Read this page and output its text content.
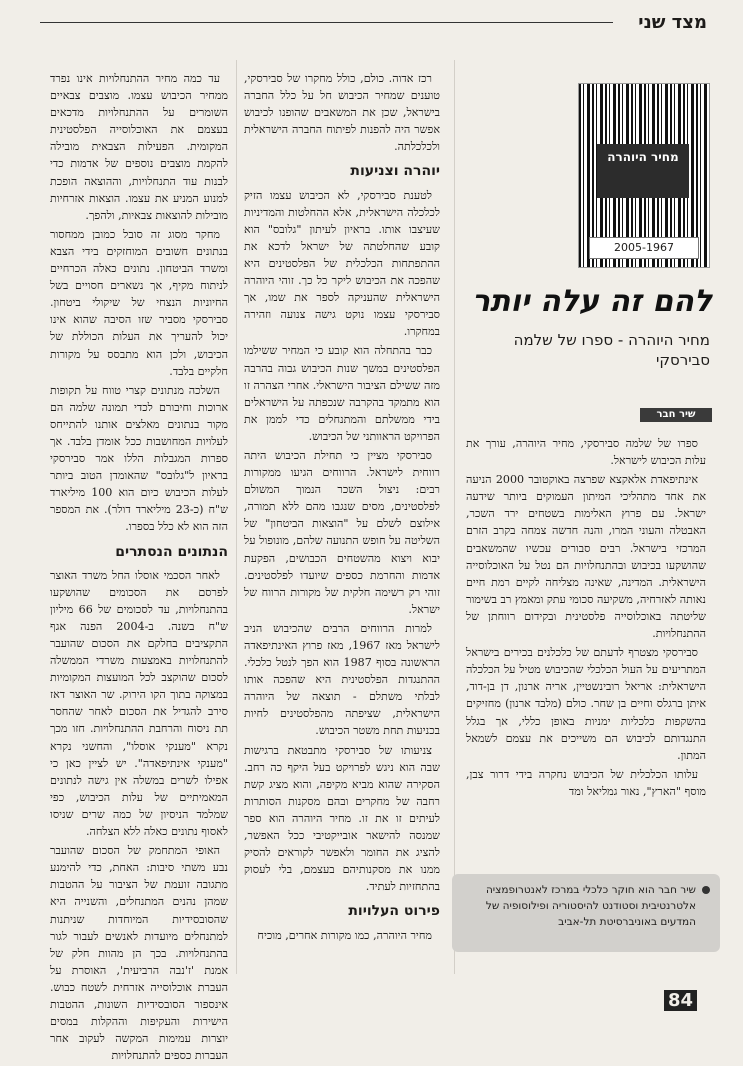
מצד שני
מחיר היוהרה
2005-1967
להם זה עלה יותר
מחיר היוהרה - ספרו של שלמה סבירסקי
שיר חבר

ספרו של שלמה סבירסקי, מחיר היוהרה, עורך את עלות הכיבוש לישראל.

אינתיפאדת אלאקצא שפרצה באוקטובר 2000 הניעה את אחד מתהליכי המיתון העמוקים ביותר שידעה ישראל. עם פרוץ האלימות בשטחים ירד השכר, האבטלה והעוני המרו, והנה חדשה צמחה בקרב הזרם המרכזי בישראל. רבים סבורים עכשיו שהמשאבים שהושקעו בכיבוש ובהתנחלויות הם נטל על האוכלוסייה הישראלית. המדינה, שאינה מצליחה לקיים רמת חיים נאותה לאזרחיה, משקיעה סכומי עתק ומאמץ רב בשימור שליטתה באוכלוסייה פלסטינית ובקידום רווחתן של ההתנחלויות.

סבירסקי מצטרף לדעתם של כלכלנים בכירים בישראל המתריעים על העול הכלכלי שהכיבוש מטיל על הכלכלה הישראלית: אריאל רובינשטיין, אריה ארנון, דן בן-דוד, איתן ברגלס וחיים בן שחר. כולם (מלבד ארנון) מחזיקים בהשקפות כלכליות ימניות באופן כללי, אך בגלל התנגדותם לכיבוש הם משייכים את עצמם לשמאל המתון.

עלותו הכלכלית של הכיבוש נחקרה בידי דרור צבן, מוסף "הארץ", נאור גמליאל ומד

שיר חבר הוא חוקר כלכלי במרכז לאנטרופמציה אלטרנטיבית וסטודנט להיסטוריה ופילוסופיה של המדעים באוניברסיטת תל-אביב

רכז אדוה. כולם, כולל מחקרו של סבירסקי, טוענים שמחיר הכיבוש חל על כלל החברה בישראל, שכן את המשאבים שהופנו לכיבוש אפשר היה להפנות לפיתוח החברה הישראלית ולכלכלתה.

יוהרה וצניעות

לטענת סבירסקי, לא הכיבוש עצמו הזיק לכלכלה הישראלית, אלא ההחלטות והמדיניות שעיצבו אותו. בראיון לעיתון "גלובס" הוא קובע שהחלטתה של ישראל לדכא את ההתפתחות הכלכלית של הפלסטינים היא שהפכה את הכיבוש ליקר כל כך. זוהי היוהרה הישראלית שהעניקה לספר את שמו, אך סבירסקי עצמו נוקט גישה צנועה וזהירה במחקרו.

כבר בהתחלה הוא קובע כי המחיר ששילמו הפלסטינים במשך שנות הכיבוש גבוה בהרבה מזה ששילם הציבור הישראלי. אחרי הצהרה זו הוא מתמקד בהקרבה שנכפתה על הישראלים בידי ממשלתם והמתנחלים כדי לממן את הפרויקט הראוותני של הכיבוש.

סבירסקי מציין כי תחילת הכיבוש היתה רווחית לישראל. הרווחים הגיעו ממקורות רבים: ניצול השכר הנמוך המשולם לפלסטינים, מסים שנגבו מהם ללא תמורה, אילוצם לשלם על "הוצאות הביטחון" של השליטה על חופש התנועה שלהם, מונופול על יבוא ויצוא מהשטחים הכבושים, הפקעת אדמות והחרמת כספים שיועדו לפלסטינים. זוהי רק רשימה חלקית של מקורות הרווח של ישראל.

למרות הרווחים הרבים שהכיבוש הניב לישראל מאז 1967, מאז פרוץ האינתיפאדה הראשונה בסוף 1987 הוא הפך לנטל כלכלי. ההתנגדות הפלסטינית היא שהפכה אותו לבלתי משתלם - תוצאה של היוהרה הישראלית, שציפתה מהפלסטינים לחיות בכניעות תחת משטר הכיבוש.

צניעותו של סבירסקי מתבטאת ברגישות שבה הוא ניגש לפרויקט בעל היקף כה רחב. הסקירה שהוא מביא מקיפה, והוא מציג קשת רחבה של מחקרים ובהם מסקנות הסותרות לעיתים זו את זו. מחיר היוהרה הוא ספר שמנסה להישאר אובייקטיבי ככל האפשר, להציג את החומר ולאפשר לקוראים להסיק ממנו את מסקנותיהם בעצמם, בלי לעסוק בהתחזיות לעתיד.

פירוט העלויות

מחיר היוהרה, כמו מקורות אחרים, מוכיח

עד כמה מחיר ההתנחלויות אינו נפרד ממחיר הכיבוש עצמו. מוצבים צבאיים השומרים על ההתנחלויות מדכאים בעצמם את האוכלוסייה הפלסטינית המקומית. הפעילות הצבאית מובילה להקמת מוצבים נוספים של אדמות כדי לבנות עוד התנחלויות, וההוצאה הופכת למנוע המניע את עצמו. הוצאות אזרחיות מובילות להוצאות צבאיות, ולהפך.

מחקר מסוג זה סובל כמובן ממחסור בנתונים חשובים המוחזקים בידי הצבא ומשרד הביטחון. נתונים כאלה הכרחיים לניתוח מקיף, אך נשארים חסויים בשל החיוניות הנצחי של שיקולי ביטחון. סבירסקי מסביר שזו הסיבה שהוא אינו יכול להעריך את העלות הכוללת של הכיבוש, ולכן הוא מתבסס על מקורות חלקיים בלבד.

השלכה מנתונים קצרי טווח על תקופות ארוכות וחיבורם לכדי תמונה שלמה הם מקור בנתונים מאלצים אותנו להתייחס לעלויות המחושבות ככל אומדן בלבד. אך ספרות המגבלות הללו אמר סבירסקי בראיון ל"גלובס" שהאומדן הטוב ביותר לעלות הכיבוש כיום הוא 100 מיליארד ש"ח (כ-23 מיליארד דולר). את המספר הזה הוא לא כלל בספרו.

הנתונים הנסתרים

לאחר הסכמי אוסלו החל משרד האוצר לפרסם את הסכומים שהושקעו בהתנחלויות, עד לסכומים של 66 מיליון ש"ח בשנה. ב-2004 הפנה אגף התקציבים בחלקם את הסכום שהועבר להתנחלויות באמצעות משרדי הממשלה לסכום שהוקצב לכל המועצות המקומיות במצוקה בתוך הקו הירוק. שר האוצר דאז סירב להגדיל את הסכום לאחר שהחסר תת ניסוח והרחבת ההתנחלויות. חזו מכך נקרא "מענקי אוסלו", והחשני נקרא "מענקי אינתיפאדה". יש לציין כאן כי אפילו לשרים במשלה אין גישה לנתונים המאמיתיים של עלות הכיבוש, כפי שמלמד הניסיון של כמה שרים שניסו לאסוף נתונים כאלה ללא הצלחה.

האופי המתחמק של הסכום שהועבר נבע משתי סיבות: האחת, כדי להימנע מתגובה זועמת של הציבור על ההטבות שמהן נהנים המתנחלים, והשנייה היא שהסובסידיות המיוחדות שניתנות למתנחלים מיועדות לאנשים לעבור לגור בהתנחלויות. בכך הן מהוות חלק של אמנת 'ז'נבה הרביעית', האוסרת על העברת אוכלוסייה אזרחית לשטח כבוש. אינספור הסובסידיות השונות, ההטבות הישירות והעקיפות וההקלות במסים יוצרות עמימות המקשה לעקוב אחר העברות כספים להתנחלויות

84
